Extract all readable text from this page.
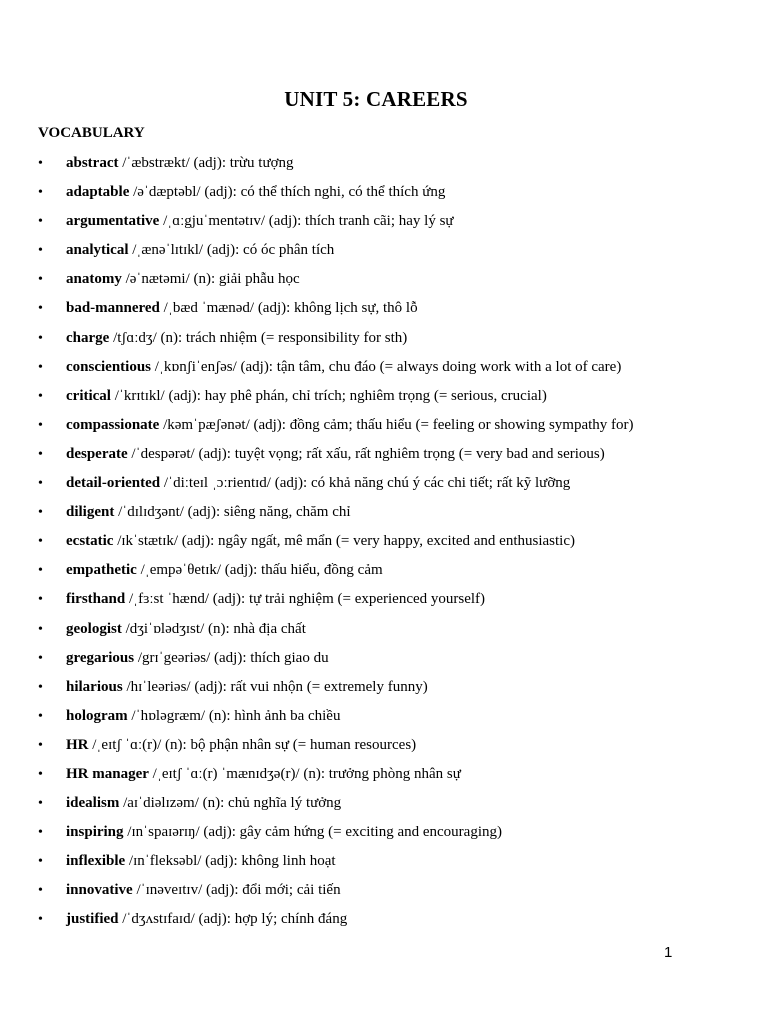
UNIT 5: CAREERS
VOCABULARY
• abstract /ˈæbstrækt/ (adj): trừu tượng
• adaptable /əˈdæptəbl/ (adj): có thể thích nghi, có thể thích ứng
• argumentative /ˌɑːgjuˈmentətɪv/ (adj): thích tranh cãi; hay lý sự
• analytical /ˌænəˈlɪtɪkl/ (adj): có óc phân tích
• anatomy /əˈnætəmi/ (n): giải phẫu học
• bad-mannered /ˌbæd ˈmænəd/ (adj): không lịch sự, thô lỗ
• charge /tʃɑːdʒ/ (n): trách nhiệm (= responsibility for sth)
• conscientious /ˌkɒnʃiˈenʃəs/ (adj): tận tâm, chu đáo (= always doing work with a lot of care)
• critical /ˈkrɪtɪkl/ (adj): hay phê phán, chỉ trích; nghiêm trọng (= serious, crucial)
• compassionate /kəmˈpæʃənət/ (adj): đồng cảm; thấu hiểu (= feeling or showing sympathy for)
• desperate /ˈdespərət/ (adj): tuyệt vọng; rất xấu, rất nghiêm trọng (= very bad and serious)
• detail-oriented /ˈdiːteɪl ˌɔːrientɪd/ (adj): có khả năng chú ý các chi tiết; rất kỹ lưỡng
• diligent /ˈdɪlɪdʒənt/ (adj): siêng năng, chăm chỉ
• ecstatic /ɪkˈstætɪk/ (adj): ngây ngất, mê mẩn (= very happy, excited and enthusiastic)
• empathetic /ˌempəˈθetɪk/ (adj): thấu hiểu, đồng cảm
• firsthand /ˌfɜːst ˈhænd/ (adj): tự trải nghiệm (= experienced yourself)
• geologist /dʒiˈɒlədʒɪst/ (n): nhà địa chất
• gregarious /grɪˈgeəriəs/ (adj): thích giao du
• hilarious /hɪˈleəriəs/ (adj): rất vui nhộn (= extremely funny)
• hologram /ˈhɒləgræm/ (n): hình ảnh ba chiều
• HR /ˌeɪtʃ ˈɑː(r)/ (n): bộ phận nhân sự (= human resources)
• HR manager /ˌeɪtʃ ˈɑː(r) ˈmænɪdʒə(r)/ (n): trưởng phòng nhân sự
• idealism /aɪˈdiəlɪzəm/ (n): chủ nghĩa lý tưởng
• inspiring /ɪnˈspaɪərɪŋ/ (adj): gây cảm hứng (= exciting and encouraging)
• inflexible /ɪnˈfleksəbl/ (adj): không linh hoạt
• innovative /ˈɪnəveɪtɪv/ (adj): đổi mới; cải tiến
• justified /ˈdʒʌstɪfaɪd/ (adj): hợp lý; chính đáng
1
